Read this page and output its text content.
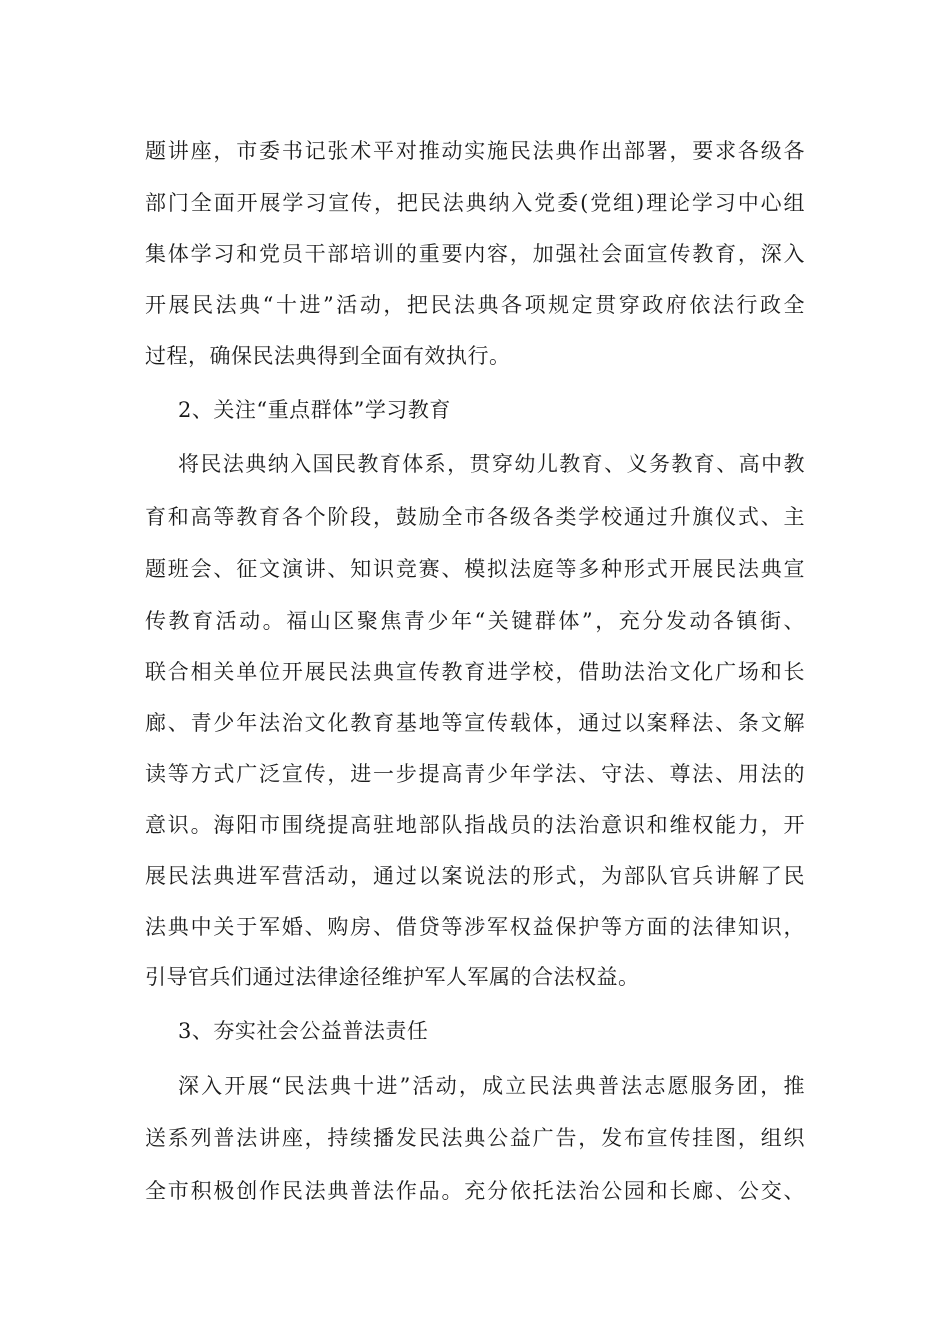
题讲座，市委书记张术平对推动实施民法典作出部署，要求各级各
部门全面开展学习宣传，把民法典纳入党委(党组)理论学习中心组
集体学习和党员干部培训的重要内容，加强社会面宣传教育，深入
开展民法典“十进”活动，把民法典各项规定贯穿政府依法行政全
过程，确保民法典得到全面有效执行。
2、关注“重点群体”学习教育
将民法典纳入国民教育体系，贯穿幼儿教育、义务教育、高中教
育和高等教育各个阶段，鼓励全市各级各类学校通过升旗仪式、主
题班会、征文演讲、知识竞赛、模拟法庭等多种形式开展民法典宣
传教育活动。福山区聚焦青少年“关键群体”，充分发动各镇街、
联合相关单位开展民法典宣传教育进学校，借助法治文化广场和长
廊、青少年法治文化教育基地等宣传载体，通过以案释法、条文解
读等方式广泛宣传，进一步提高青少年学法、守法、尊法、用法的
意识。海阳市围绕提高驻地部队指战员的法治意识和维权能力，开
展民法典进军营活动，通过以案说法的形式，为部队官兵讲解了民
法典中关于军婚、购房、借贷等涉军权益保护等方面的法律知识，
引导官兵们通过法律途径维护军人军属的合法权益。
3、夯实社会公益普法责任
深入开展“民法典十进”活动，成立民法典普法志愿服务团，推
送系列普法讲座，持续播发民法典公益广告，发布宣传挂图，组织
全市积极创作民法典普法作品。充分依托法治公园和长廊、公交、
